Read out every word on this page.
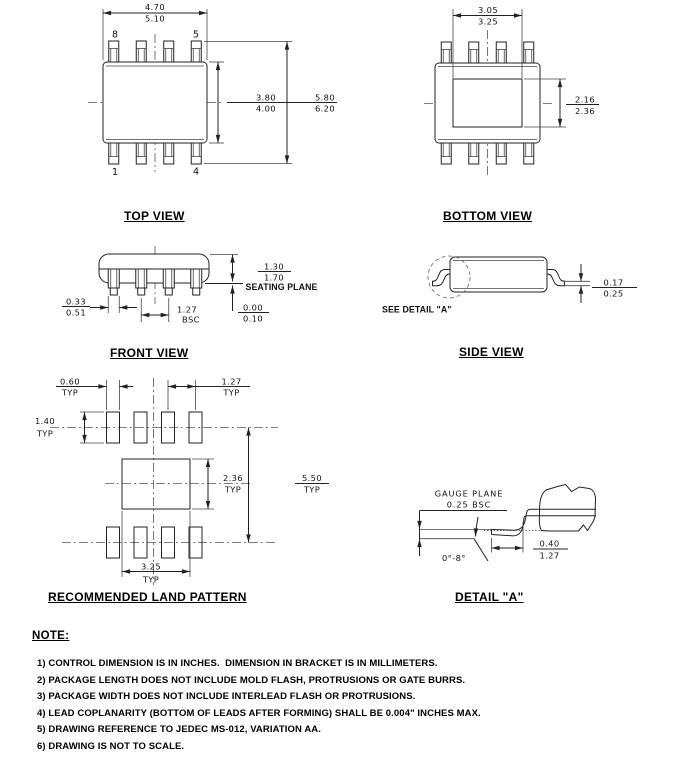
8	5
1	4
4.70
5.10
3.80
4.00
5.80
6.20
3.05
3.25
2.16
2.36
0.33
0.51	1.27
BSC
1.30
1.70
SEATING PLANE
0.00
0.10
SEE DETAIL "A"
0.17
0.25
0.60
TYP
1.27
TYP
1.40
TYP
2.36
TYP
5.50
TYP
3.25
TYP
GAUGE PLANE
0.25 BSC
0°-8°
0.40
1.27
TOP VIEW	BOTTOM VIEW
FRONT VIEW	SIDE VIEW
RECOMMENDED LAND PATTERN	DETAIL "A"
NOTE:
1) CONTROL DIMENSION IS IN INCHES.  DIMENSION IN BRACKET IS IN MILLIMETERS.
2) PACKAGE LENGTH DOES NOT INCLUDE MOLD FLASH, PROTRUSIONS OR GATE BURRS.
3) PACKAGE WIDTH DOES NOT INCLUDE INTERLEAD FLASH OR PROTRUSIONS.
4) LEAD COPLANARITY (BOTTOM OF LEADS AFTER FORMING) SHALL BE 0.004" INCHES MAX.
5) DRAWING REFERENCE TO JEDEC MS-012, VARIATION AA.
6) DRAWING IS NOT TO SCALE.
